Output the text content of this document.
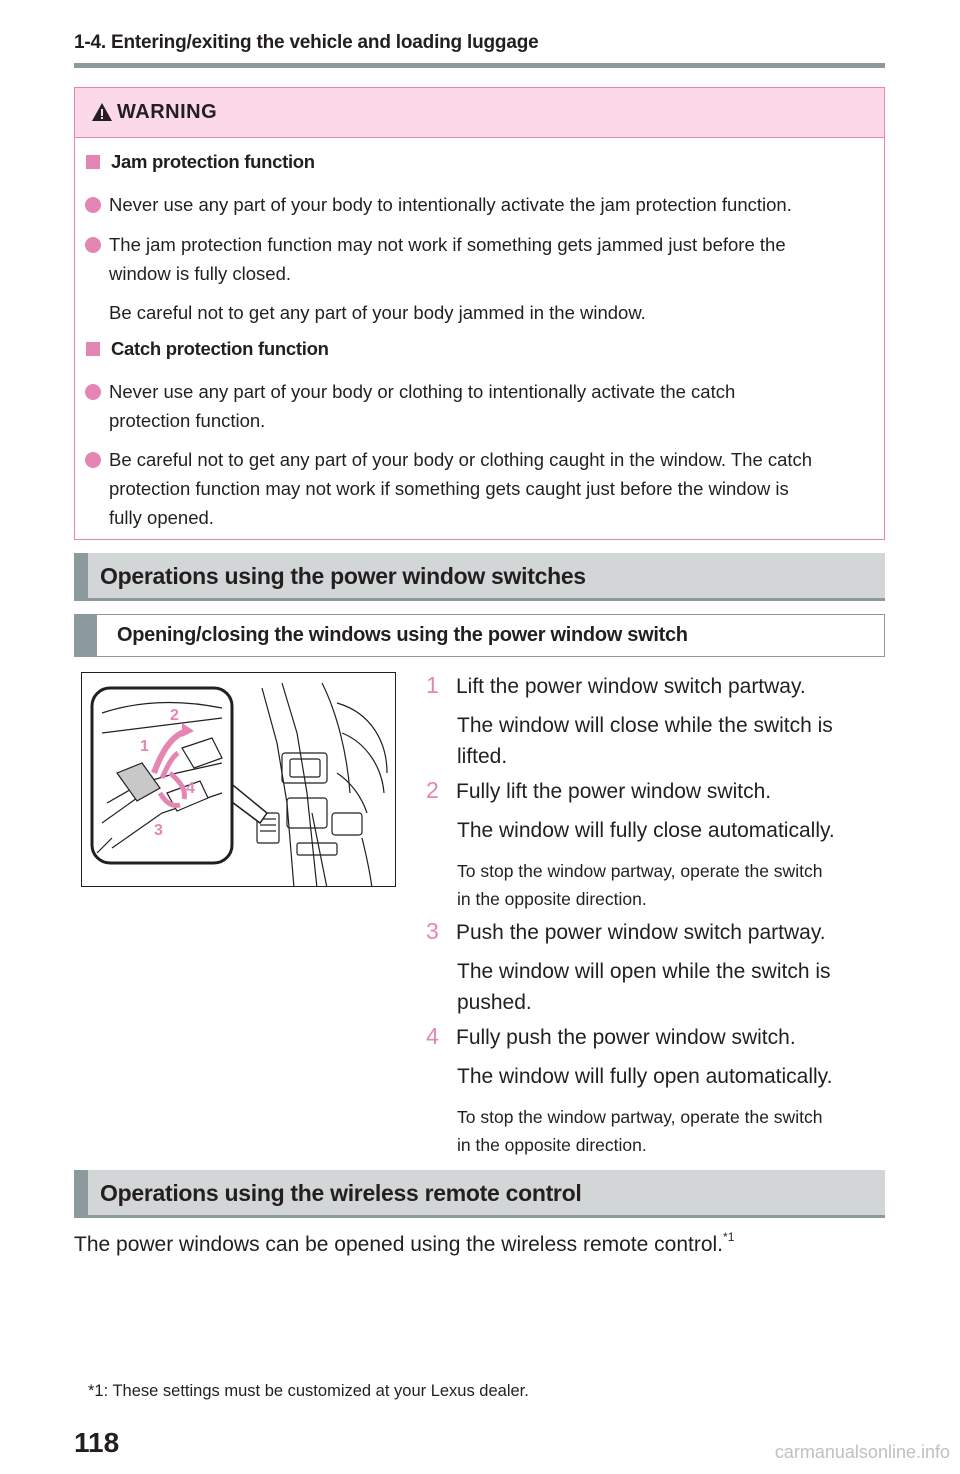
1-4. Entering/exiting the vehicle and loading luggage
WARNING
Jam protection function
Never use any part of your body to intentionally activate the jam protection function.
The jam protection function may not work if something gets jammed just before the
window is fully closed.
Be careful not to get any part of your body jammed in the window.
Catch protection function
Never use any part of your body or clothing to intentionally activate the catch
protection function.
Be careful not to get any part of your body or clothing caught in the window. The catch
protection function may not work if something gets caught just before the window is
fully opened.
Operations using the power window switches
Opening/closing the windows using the power window switch
2
1
3
4
1 Lift the power window switch partway.
The window will close while the switch is
lifted.
2 Fully lift the power window switch.
The window will fully close automatically.
To stop the window partway, operate the switch
in the opposite direction.
3 Push the power window switch partway.
The window will open while the switch is
pushed.
4 Fully push the power window switch.
The window will fully open automatically.
To stop the window partway, operate the switch
in the opposite direction.
Operations using the wireless remote control
The power windows can be opened using the wireless remote control.$^{*1}$
*1: These settings must be customized at your Lexus dealer.
118	carmanualsonline.info
